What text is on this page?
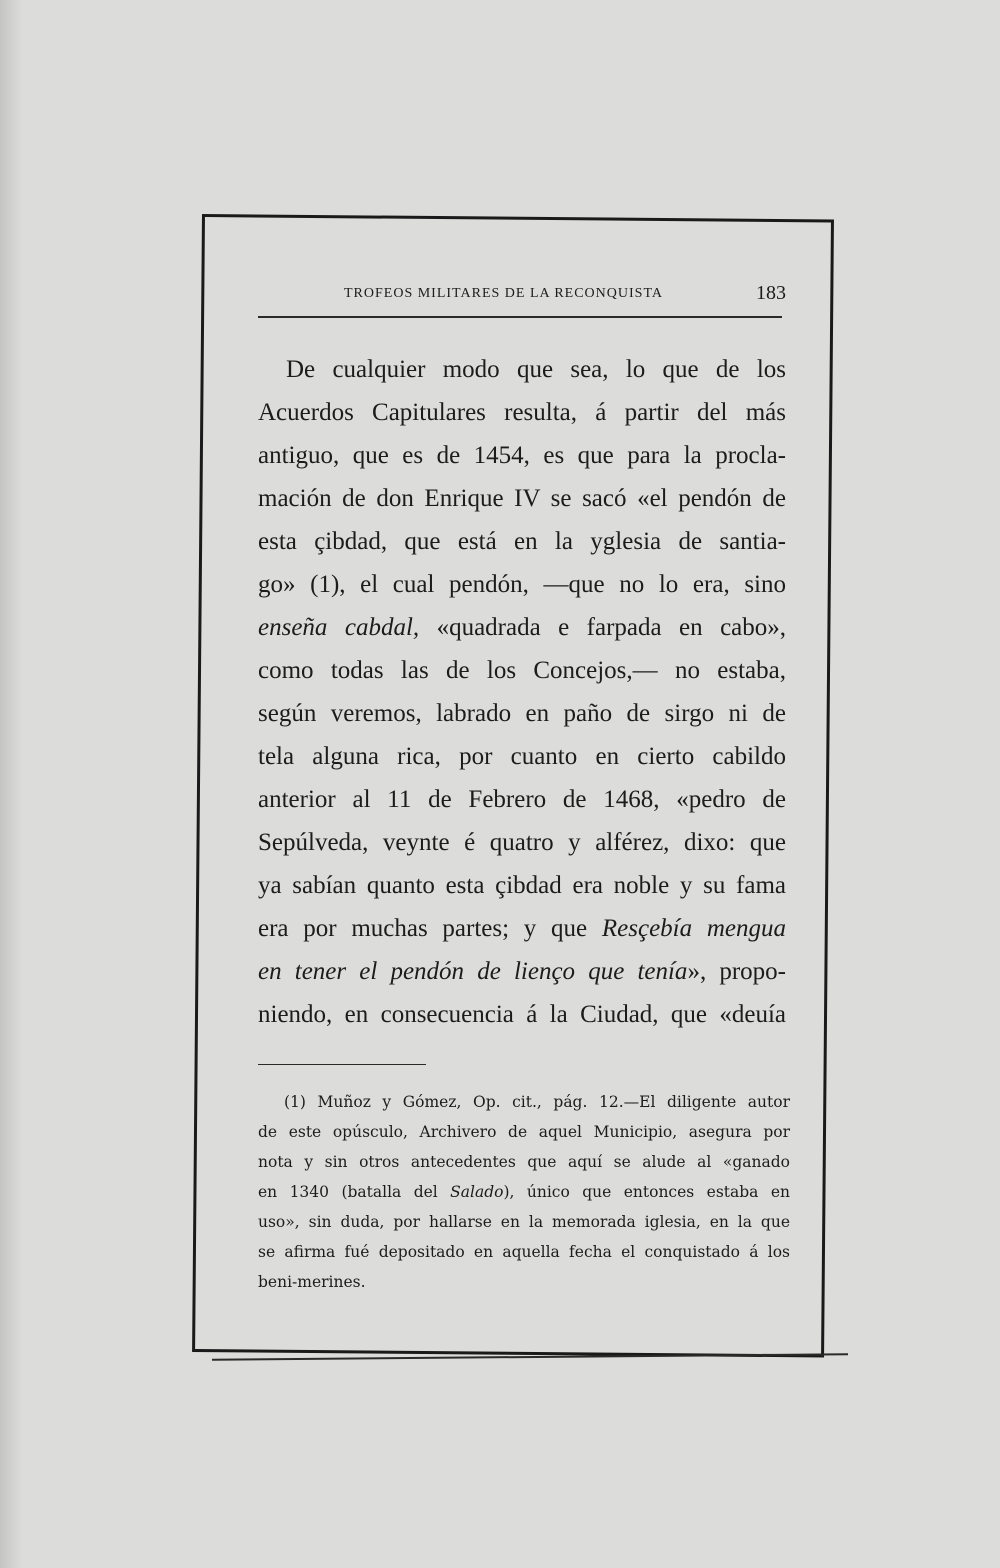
TROFEOS MILITARES DE LA RECONQUISTA	183
De cualquier modo que sea, lo que de los
Acuerdos Capitulares resulta, á partir del más
antiguo, que es de 1454, es que para la procla-
mación de don Enrique IV se sacó «el pendón de
esta çibdad, que está en la yglesia de santia-
go» (1), el cual pendón, —que no lo era, sino
enseña cabdal, «quadrada e farpada en cabo»,
como todas las de los Concejos,— no estaba,
según veremos, labrado en paño de sirgo ni de
tela alguna rica, por cuanto en cierto cabildo
anterior al 11 de Febrero de 1468, «pedro de
Sepúlveda, veynte é quatro y alférez, dixo: que
ya sabían quanto esta çibdad era noble y su fama
era por muchas partes; y que Resçebía mengua
en tener el pendón de lienço que tenía», propo-
niendo, en consecuencia á la Ciudad, que «deuía
(1) Muñoz y Gómez, Op. cit., pág. 12.—El diligente autor
de este opúsculo, Archivero de aquel Municipio, asegura por
nota y sin otros antecedentes que aquí se alude al «ganado
en 1340 (batalla del Salado), único que entonces estaba en
uso», sin duda, por hallarse en la memorada iglesia, en la que
se afirma fué depositado en aquella fecha el conquistado á los
beni-merines.
